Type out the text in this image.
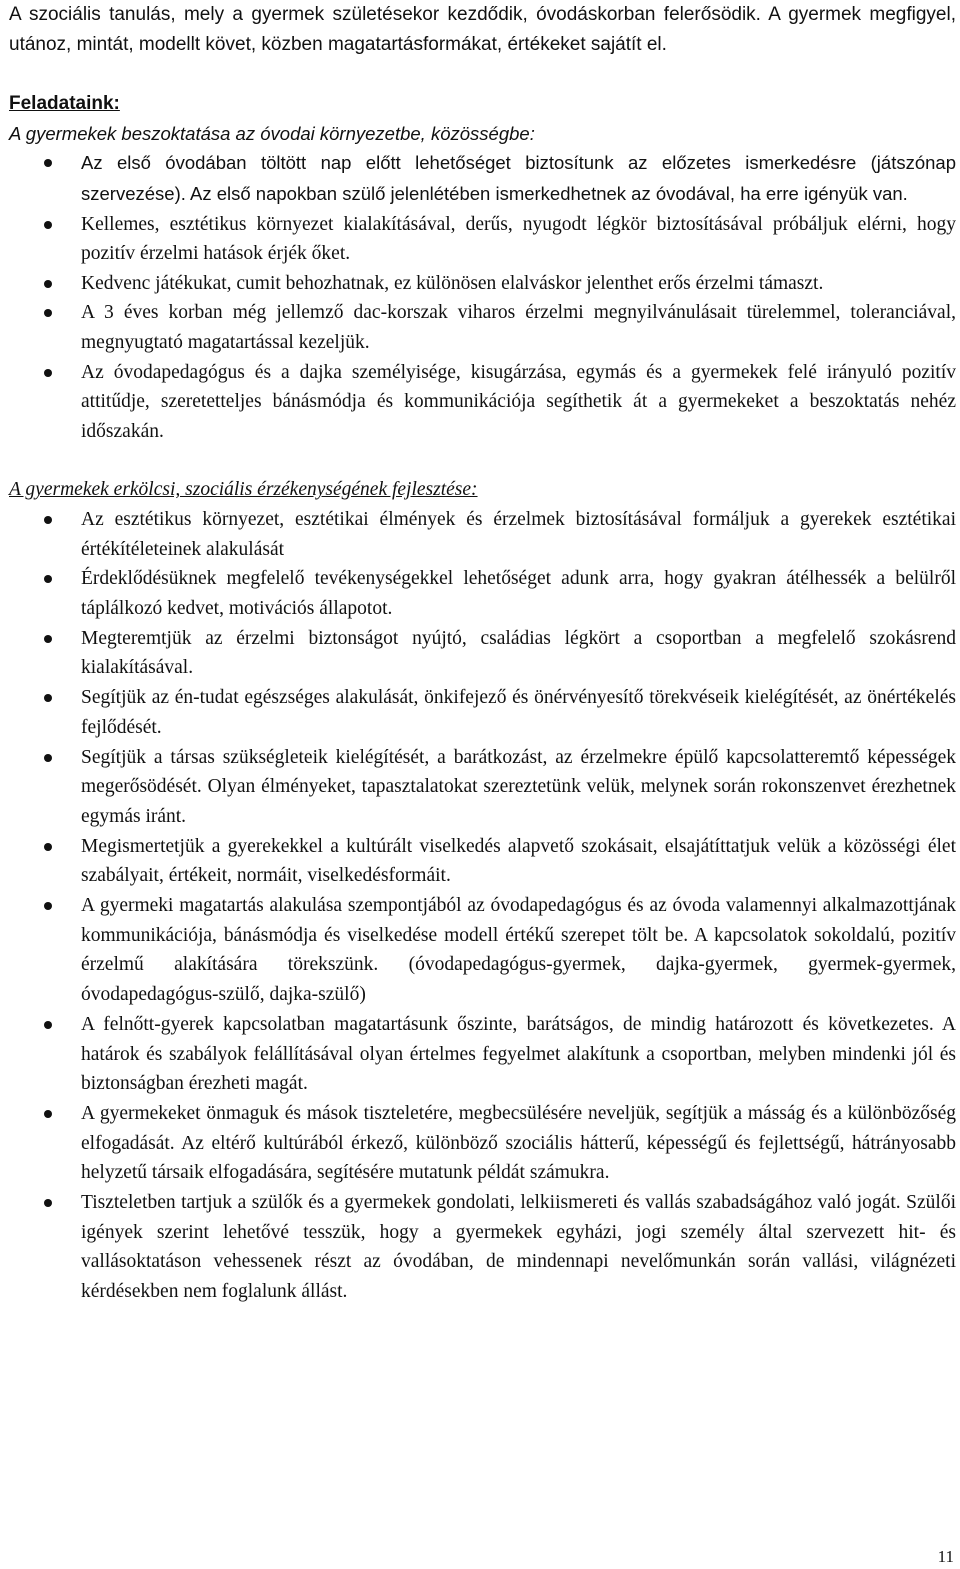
A szociális tanulás, mely a gyermek születésekor kezdődik, óvodáskorban felerősödik. A gyermek megfigyel, utánoz, mintát, modellt követ, közben magatartásformákat, értékeket sajátít el.

Feladataink:
A gyermekek beszoktatása az óvodai környezetbe, közösségbe:
Az első óvodában töltött nap előtt lehetőséget biztosítunk az előzetes ismerkedésre (játszónap szervezése). Az első napokban szülő jelenlétében ismerkedhetnek az óvodával, ha erre igényük van.
Kellemes, esztétikus környezet kialakításával, derűs, nyugodt légkör biztosításával próbáljuk elérni, hogy pozitív érzelmi hatások érjék őket.
Kedvenc játékukat, cumit behozhatnak, ez különösen elalváskor jelenthet erős érzelmi támaszt.
A 3 éves korban még jellemző dac-korszak viharos érzelmi megnyilvánulásait türelemmel, toleranciával, megnyugtató magatartással kezeljük.
Az óvodapedagógus és a dajka személyisége, kisugárzása, egymás és a gyermekek felé irányuló pozitív attitűdje, szeretetteljes bánásmódja és kommunikációja segíthetik át a gyermekeket a beszoktatás nehéz időszakán.
A gyermekek erkölcsi, szociális érzékenységének fejlesztése:
Az esztétikus környezet, esztétikai élmények és érzelmek biztosításával formáljuk a gyerekek esztétikai értékítéleteinek alakulását
Érdeklődésüknek megfelelő tevékenységekkel lehetőséget adunk arra, hogy gyakran átélhessék a belülről táplálkozó kedvet, motivációs állapotot.
Megteremtjük az érzelmi biztonságot nyújtó, családias légkört a csoportban a megfelelő szokásrend kialakításával.
Segítjük az én-tudat egészséges alakulását, önkifejező és önérvényesítő törekvéseik kielégítését, az önértékelés fejlődését.
Segítjük a társas szükségleteik kielégítését, a barátkozást, az érzelmekre épülő kapcsolatteremtő képességek megerősödését. Olyan élményeket, tapasztalatokat szereztetünk velük, melynek során rokonszenvet érezhetnek egymás iránt.
Megismertetjük a gyerekekkel a kultúrált viselkedés alapvető szokásait, elsajátíttatjuk velük a közösségi élet szabályait, értékeit, normáit, viselkedésformáit.
A gyermeki magatartás alakulása szempontjából az óvodapedagógus és az óvoda valamennyi alkalmazottjának kommunikációja, bánásmódja és viselkedése modell értékű szerepet tölt be. A kapcsolatok sokoldalú, pozitív érzelmű alakítására törekszünk. (óvodapedagógus-gyermek, dajka-gyermek, gyermek-gyermek, óvodapedagógus-szülő, dajka-szülő)
A felnőtt-gyerek kapcsolatban magatartásunk őszinte, barátságos, de mindig határozott és következetes. A határok és szabályok felállításával olyan értelmes fegyelmet alakítunk a csoportban, melyben mindenki jól és biztonságban érezheti magát.
A gyermekeket önmaguk és mások tiszteletére, megbecsülésére neveljük, segítjük a másság és a különbözőség elfogadását. Az eltérő kultúrából érkező, különböző szociális hátterű, képességű és fejlettségű, hátrányosabb helyzetű társaik elfogadására, segítésére mutatunk példát számukra.
Tiszteletben tartjuk a szülők és a gyermekek gondolati, lelkiismereti és vallás szabadságához való jogát. Szülői igények szerint lehetővé tesszük, hogy a gyermekek egyházi, jogi személy által szervezett hit- és vallásoktatáson vehessenek részt az óvodában, de mindennapi nevelőmunkán során vallási, világnézeti kérdésekben nem foglalunk állást.
11
